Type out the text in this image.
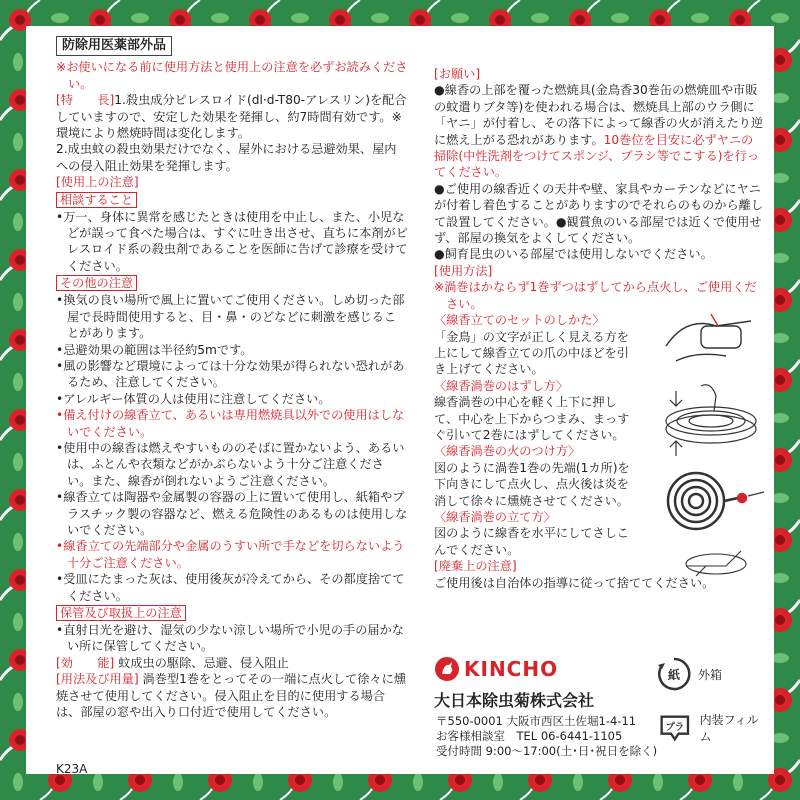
防除用医薬部外品

※お使いになる前に使用方法と使用上の注意を必ずお読みください。

[特　　長]1.殺虫成分ピレスロイド(dl·d-T80-アレスリン)を配合していますので、安定した効果を発揮し、約7時間有効です。※環境により燃焼時間は変化します。

2.成虫蚊の殺虫効果だけでなく、屋外における忌避効果、屋内への侵入阻止効果を発揮します。

[使用上の注意]

相談すること

•万一、身体に異常を感じたときは使用を中止し、また、小児などが誤って食べた場合は、すぐに吐き出させ、直ちに本剤がピレスロイド系の殺虫剤であることを医師に告げて診療を受けてください。

その他の注意

•換気の良い場所で風上に置いてご使用ください。しめ切った部屋で長時間使用すると、目・鼻・のどなどに刺激を感じることがあります。

•忌避効果の範囲は半径約5mです。

•風の影響など環境によっては十分な効果が得られない恐れがあるため、注意してください。

•アレルギー体質の人は使用に注意してください。

•備え付けの線香立て、あるいは専用燃焼具以外での使用はしないでください。

•使用中の線香は燃えやすいもののそばに置かないよう、あるいは、ふとんや衣類などがかぶらないよう十分ご注意ください。また、線香が倒れないようご注意ください。

•線香立ては陶器や金属製の容器の上に置いて使用し、紙箱やプラスチック製の容器など、燃える危険性のあるものは使用しないでください。

•線香立ての先端部分や金属のうすい所で手などを切らないよう十分ご注意ください。

•受皿にたまった灰は、使用後灰が冷えてから、その都度捨ててください。

保管及び取扱上の注意

•直射日光を避け、湿気の少ない涼しい場所で小児の手の届かない所に保管してください。

[効　　能] 蚊成虫の駆除、忌避、侵入阻止

[用法及び用量] 渦巻型1巻をとってその一端に点火して徐々に燻焼させて使用してください。侵入阻止を目的に使用する場合は、部屋の窓や出入り口付近で使用してください。

K23A

[お願い]

●線香の上部を覆った燃焼具(金鳥香30巻缶の燃焼皿や市販の蚊遣りブタ等)を使われる場合は、燃焼具上部のウラ側に「ヤニ」が付着し、その落下によって線香の火が消えたり逆に燃え上がる恐れがあります。10巻位を目安に必ずヤニの掃除(中性洗剤をつけてスポンジ、ブラシ等でこする)を行ってください。

●ご使用の線香近くの天井や壁、家具やカーテンなどにヤニが付着し着色することがありますのでそれらのものから離して設置してください。●観賞魚のいる部屋では近くで使用せず、部屋の換気をよくしてください。

●飼育昆虫のいる部屋では使用しないでください。

[使用方法]

※渦巻はかならず1巻ずつはずしてから点火し、ご使用ください。

〈線香立てのセットのしかた〉

「金鳥」の文字が正しく見える方を上にして線香立ての爪の中ほどを引き上げてください。

〈線香渦巻のはずし方〉

線香渦巻の中心を軽く上下に押して、中心を上下からつまみ、まっすぐ引いて2巻にはずしてください。

〈線香渦巻の火のつけ方〉

図のように渦巻1巻の先端(1カ所)を下向きにして点火し、点火後は炎を消して徐々に燻焼させてください。

〈線香渦巻の立て方〉

図のように線香を水平にしてさしこんでください。

[廃棄上の注意]

ご使用後は自治体の指導に従って捨ててください。

KINCHO
大日本除虫菊株式会社

〒550-0001 大阪市西区土佐堀1-4-11

お客様相談室　TEL 06-6441-1105

受付時間 9:00～17:00(土･日･祝日を除く)

紙 外箱
プラ
内装フィルム
